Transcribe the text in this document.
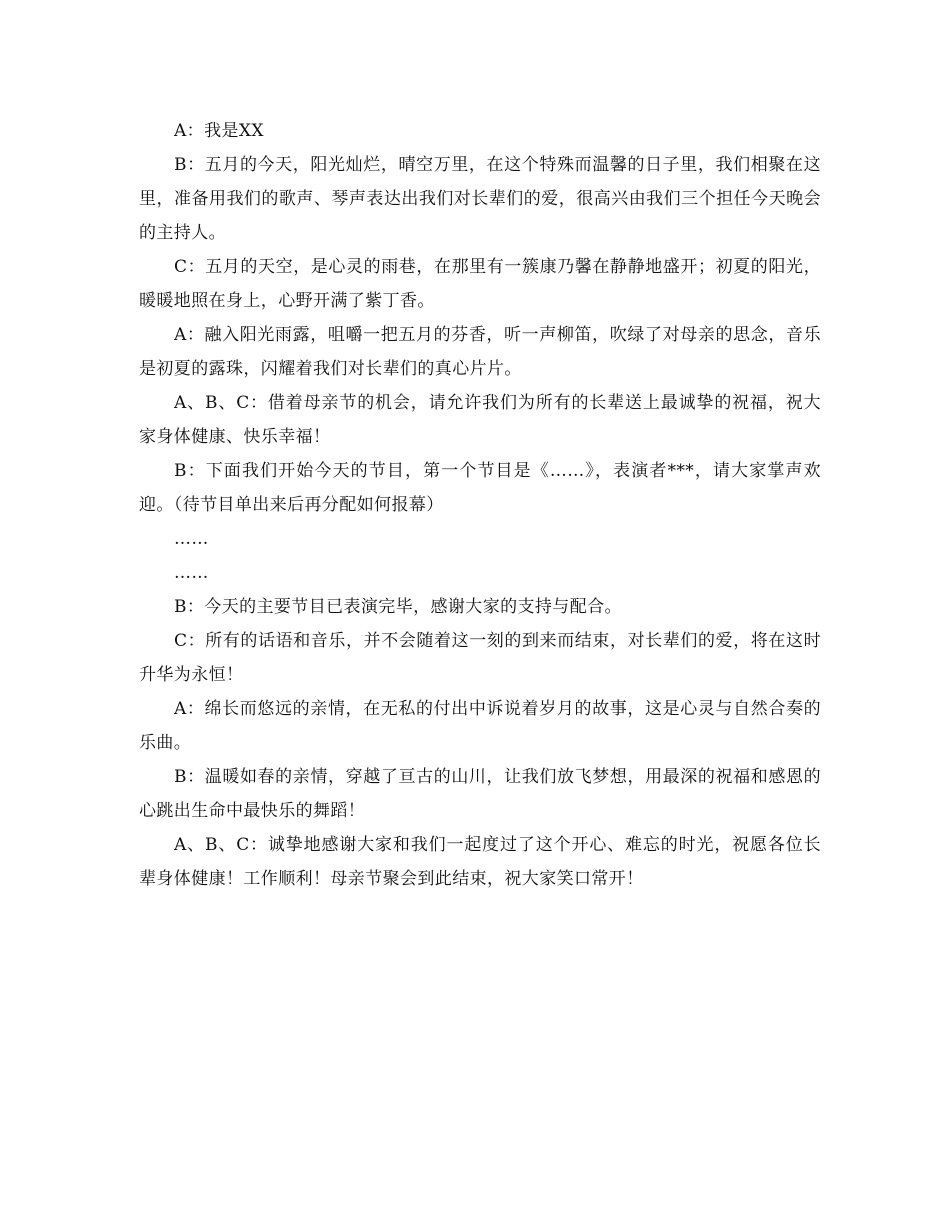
A：我是XX

B：五月的今天，阳光灿烂，晴空万里，在这个特殊而温馨的日子里，我们相聚在这里，准备用我们的歌声、琴声表达出我们对长辈们的爱，很高兴由我们三个担任今天晚会的主持人。

C：五月的天空，是心灵的雨巷，在那里有一簇康乃馨在静静地盛开；初夏的阳光，暖暖地照在身上，心野开满了紫丁香。

A：融入阳光雨露，咀嚼一把五月的芬香，听一声柳笛，吹绿了对母亲的思念，音乐是初夏的露珠，闪耀着我们对长辈们的真心片片。

A、B、C：借着母亲节的机会，请允许我们为所有的长辈送上最诚挚的祝福，祝大家身体健康、快乐幸福！

B：下面我们开始今天的节目，第一个节目是《……》，表演者***，请大家掌声欢迎。（待节目单出来后再分配如何报幕）

……

……

B：今天的主要节目已表演完毕，感谢大家的支持与配合。

C：所有的话语和音乐，并不会随着这一刻的到来而结束，对长辈们的爱，将在这时升华为永恒！

A：绵长而悠远的亲情，在无私的付出中诉说着岁月的故事，这是心灵与自然合奏的乐曲。

B：温暖如春的亲情，穿越了亘古的山川，让我们放飞梦想，用最深的祝福和感恩的心跳出生命中最快乐的舞蹈！

A、B、C：诚挚地感谢大家和我们一起度过了这个开心、难忘的时光，祝愿各位长辈身体健康！工作顺利！母亲节聚会到此结束，祝大家笑口常开！
